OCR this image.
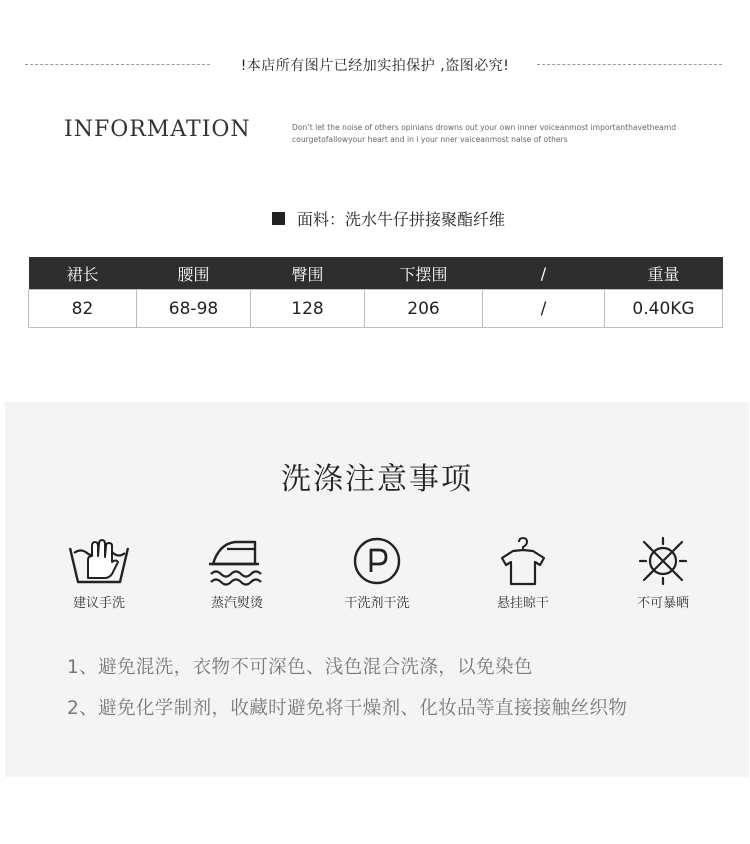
!本店所有图片已经加实拍保护 ,盗图必究!
INFORMATION	Don’t let the noise of others opinians drowns out your own inner voiceanmost importanthavetheamd
courgetofallowyour heart and in i your nner vaiceanmost naise of others
面料：洗水牛仔拼接聚酯纤维
裙长	腰围	臀围	下摆围	/	重量
82	68-98	128	206	/	0.40KG
洗涤注意事项
建议手洗	蒸汽熨烫	干洗剂干洗	悬挂晾干	不可暴晒
1、避免混洗，衣物不可深色、浅色混合洗涤，以免染色
2、避免化学制剂，收藏时避免将干燥剂、化妆品等直接接触丝织物
